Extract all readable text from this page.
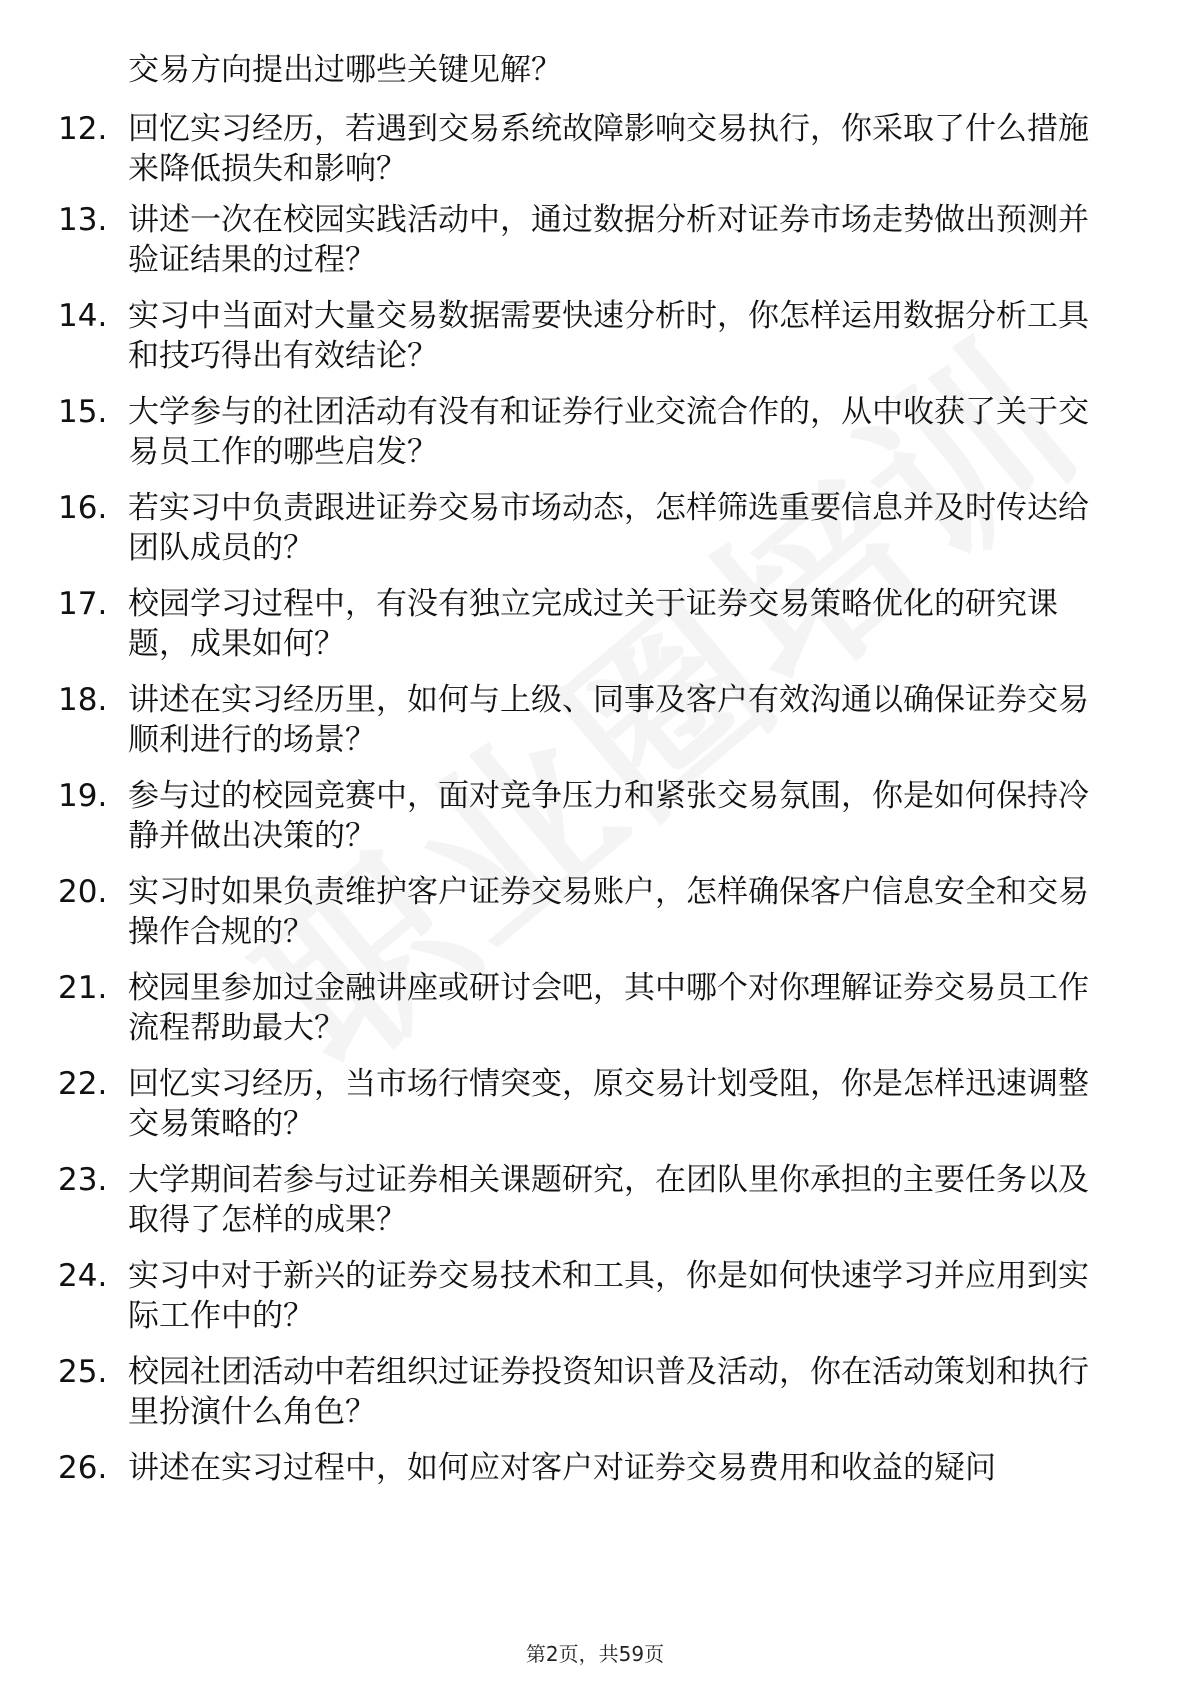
交易方向提出过哪些关键见解？

12. 回忆实习经历，若遇到交易系统故障影响交易执行，你采取了什么措施来降低损失和影响？
13. 讲述一次在校园实践活动中，通过数据分析对证券市场走势做出预测并验证结果的过程？
14. 实习中当面对大量交易数据需要快速分析时，你怎样运用数据分析工具和技巧得出有效结论？
15. 大学参与的社团活动有没有和证券行业交流合作的，从中收获了关于交易员工作的哪些启发？
16. 若实习中负责跟进证券交易市场动态，怎样筛选重要信息并及时传达给团队成员的？
17. 校园学习过程中，有没有独立完成过关于证券交易策略优化的研究课题，成果如何？
18. 讲述在实习经历里，如何与上级、同事及客户有效沟通以确保证券交易顺利进行的场景？
19. 参与过的校园竞赛中，面对竞争压力和紧张交易氛围，你是如何保持冷静并做出决策的？
20. 实习时如果负责维护客户证券交易账户，怎样确保客户信息安全和交易操作合规的？
21. 校园里参加过金融讲座或研讨会吧，其中哪个对你理解证券交易员工作流程帮助最大？
22. 回忆实习经历，当市场行情突变，原交易计划受阻，你是怎样迅速调整交易策略的？
23. 大学期间若参与过证券相关课题研究，在团队里你承担的主要任务以及取得了怎样的成果？
24. 实习中对于新兴的证券交易技术和工具，你是如何快速学习并应用到实际工作中的？
25. 校园社团活动中若组织过证券投资知识普及活动，你在活动策划和执行里扮演什么角色？
26. 讲述在实习过程中，如何应对客户对证券交易费用和收益的疑问
第2页，共59页
